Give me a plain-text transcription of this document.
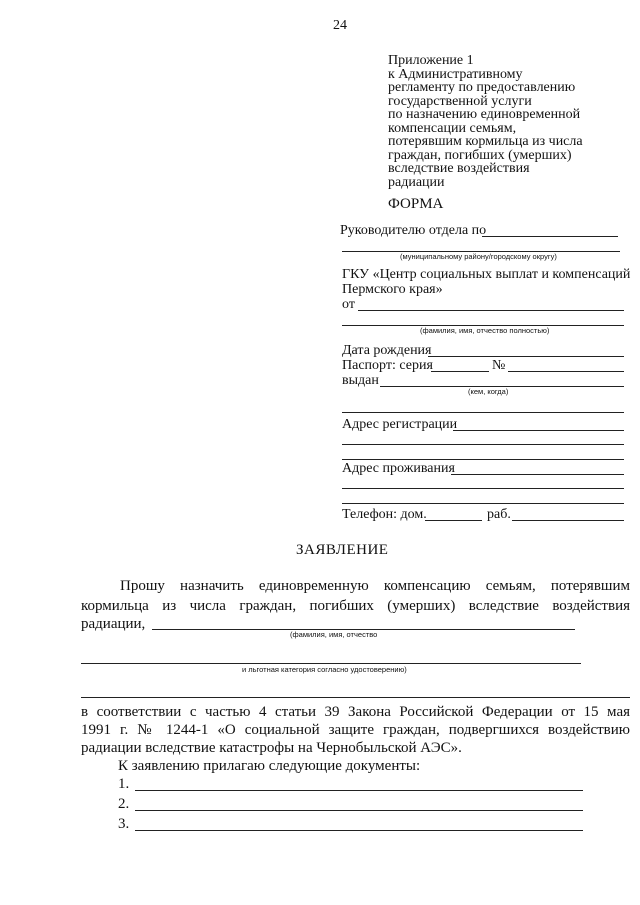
24
Приложение 1
к Административному
регламенту по предоставлению
государственной услуги
по назначению единовременной
компенсации семьям,
потерявшим кормильца из числа
граждан, погибших (умерших)
вследствие воздействия
радиации
ФОРМА
Руководителю отдела по
(муниципальному району/городскому округу)
ГКУ «Центр социальных выплат и компенсаций
Пермского края»
от
(фамилия, имя, отчество полностью)
Дата рождения
Паспорт: серия	№
выдан
(кем, когда)
Адрес регистрации
Адрес проживания
Телефон: дом.	раб.
ЗАЯВЛЕНИЕ
Прошу назначить единовременную компенсацию семьям, потерявшим
кормильца из числа граждан, погибших (умерших) вследствие воздействия
радиации,
(фамилия, имя, отчество
и льготная категория согласно удостоверению)
в соответствии с частью 4 статьи 39 Закона Российской Федерации от 15 мая
1991 г. № 1244-1 «О социальной защите граждан, подвергшихся воздействию
радиации вследствие катастрофы на Чернобыльской АЭС».
К заявлению прилагаю следующие документы:
1.
2.
3.
